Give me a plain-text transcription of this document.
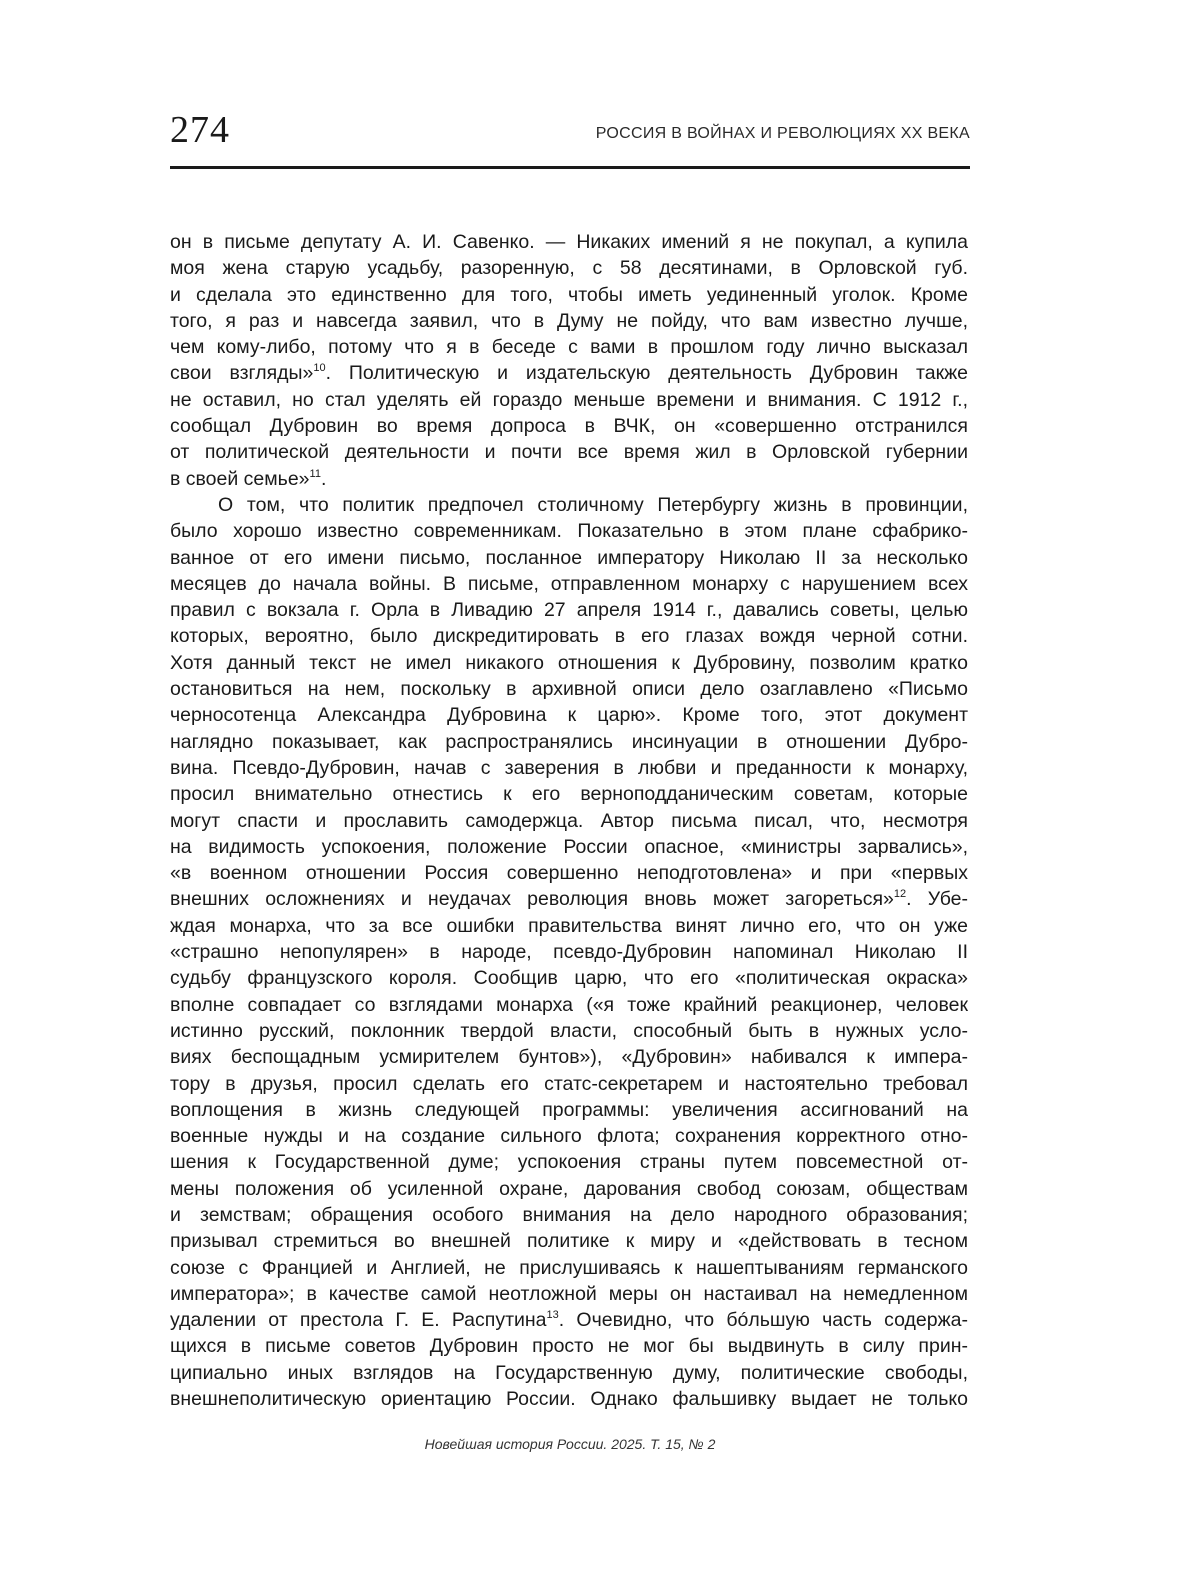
274	РОССИЯ В ВОЙНАХ И РЕВОЛЮЦИЯХ XX ВЕКА
он в письме депутату А. И. Савенко. — Никаких имений я не покупал, а купила
моя жена старую усадьбу, разоренную, с 58 десятинами, в Орловской губ.
и сделала это единственно для того, чтобы иметь уединенный уголок. Кроме
того, я раз и навсегда заявил, что в Думу не пойду, что вам известно лучше,
чем кому-либо, потому что я в беседе с вами в прошлом году лично высказал
свои взгляды»$^{10}$. Политическую и издательскую деятельность Дубровин также
не оставил, но стал уделять ей гораздо меньше времени и внимания. С 1912 г.,
сообщал Дубровин во время допроса в ВЧК, он «совершенно отстранился
от политической деятельности и почти все время жил в Орловской губернии
в своей семье»$^{11}$.
О том, что политик предпочел столичному Петербургу жизнь в провинции,
было хорошо известно современникам. Показательно в этом плане сфабрико-
ванное от его имени письмо, посланное императору Николаю II за несколько
месяцев до начала войны. В письме, отправленном монарху с нарушением всех
правил с вокзала г. Орла в Ливадию 27 апреля 1914 г., давались советы, целью
которых, вероятно, было дискредитировать в его глазах вождя черной сотни.
Хотя данный текст не имел никакого отношения к Дубровину, позволим кратко
остановиться на нем, поскольку в архивной описи дело озаглавлено «Письмо
черносотенца Александра Дубровина к царю». Кроме того, этот документ
наглядно показывает, как распространялись инсинуации в отношении Дубро-
вина. Псевдо-Дубровин, начав с заверения в любви и преданности к монарху,
просил внимательно отнестись к его верноподданическим советам, которые
могут спасти и прославить самодержца. Автор письма писал, что, несмотря
на видимость успокоения, положение России опасное, «министры зарвались»,
«в военном отношении Россия совершенно неподготовлена» и при «первых
внешних осложнениях и неудачах революция вновь может загореться»$^{12}$. Убе-
ждая монарха, что за все ошибки правительства винят лично его, что он уже
«страшно непопулярен» в народе, псевдо-Дубровин напоминал Николаю II
судьбу французского короля. Сообщив царю, что его «политическая окраска»
вполне совпадает со взглядами монарха («я тоже крайний реакционер, человек
истинно русский, поклонник твердой власти, способный быть в нужных усло-
виях беспощадным усмирителем бунтов»), «Дубровин» набивался к импера-
тору в друзья, просил сделать его статс-секретарем и настоятельно требовал
воплощения в жизнь следующей программы: увеличения ассигнований на
военные нужды и на создание сильного флота; сохранения корректного отно-
шения к Государственной думе; успокоения страны путем повсеместной от-
мены положения об усиленной охране, дарования свобод союзам, обществам
и земствам; обращения особого внимания на дело народного образования;
призывал стремиться во внешней политике к миру и «действовать в тесном
союзе с Францией и Англией, не прислушиваясь к нашептываниям германского
императора»; в качестве самой неотложной меры он настаивал на немедленном
удалении от престола Г. Е. Распутина$^{13}$. Очевидно, что бóльшую часть содержа-
щихся в письме советов Дубровин просто не мог бы выдвинуть в силу прин-
ципиально иных взглядов на Государственную думу, политические свободы,
внешнеполитическую ориентацию России. Однако фальшивку выдает не только
Новейшая история России. 2025. Т. 15, № 2
